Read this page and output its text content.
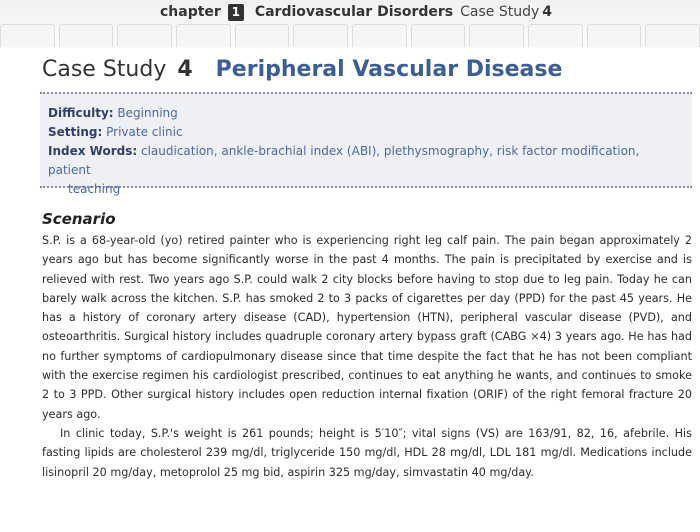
chapter 1 Cardiovascular Disorders Case Study 4
Case Study 4 Peripheral Vascular Disease
Difficulty: Beginning
Setting: Private clinic
Index Words: claudication, ankle-brachial index (ABI), plethysmography, risk factor modification, patient
teaching
Scenario

S.P. is a 68-year-old (yo) retired painter who is experiencing right leg calf pain. The pain began approximately 2 years ago but has become significantly worse in the past 4 months. The pain is precipitated by exercise and is relieved with rest. Two years ago S.P. could walk 2 city blocks before having to stop due to leg pain. Today he can barely walk across the kitchen. S.P. has smoked 2 to 3 packs of cigarettes per day (PPD) for the past 45 years. He has a history of coronary artery disease (CAD), hypertension (HTN), peripheral vascular disease (PVD), and osteoarthritis. Surgical history includes quadruple coronary artery bypass graft (CABG ×4) 3 years ago. He has had no further symptoms of cardiopulmonary disease since that time despite the fact that he has not been compliant with the exercise regimen his cardiologist prescribed, continues to eat anything he wants, and continues to smoke 2 to 3 PPD. Other surgical history includes open reduction internal fixation (ORIF) of the right femoral fracture 20 years ago.

In clinic today, S.P.'s weight is 261 pounds; height is 5′10″; vital signs (VS) are 163/91, 82, 16, afebrile. His fasting lipids are cholesterol 239 mg/dl, triglyceride 150 mg/dl, HDL 28 mg/dl, LDL 181 mg/dl. Medications include lisinopril 20 mg/day, metoprolol 25 mg bid, aspirin 325 mg/day, simvastatin 40 mg/day.
